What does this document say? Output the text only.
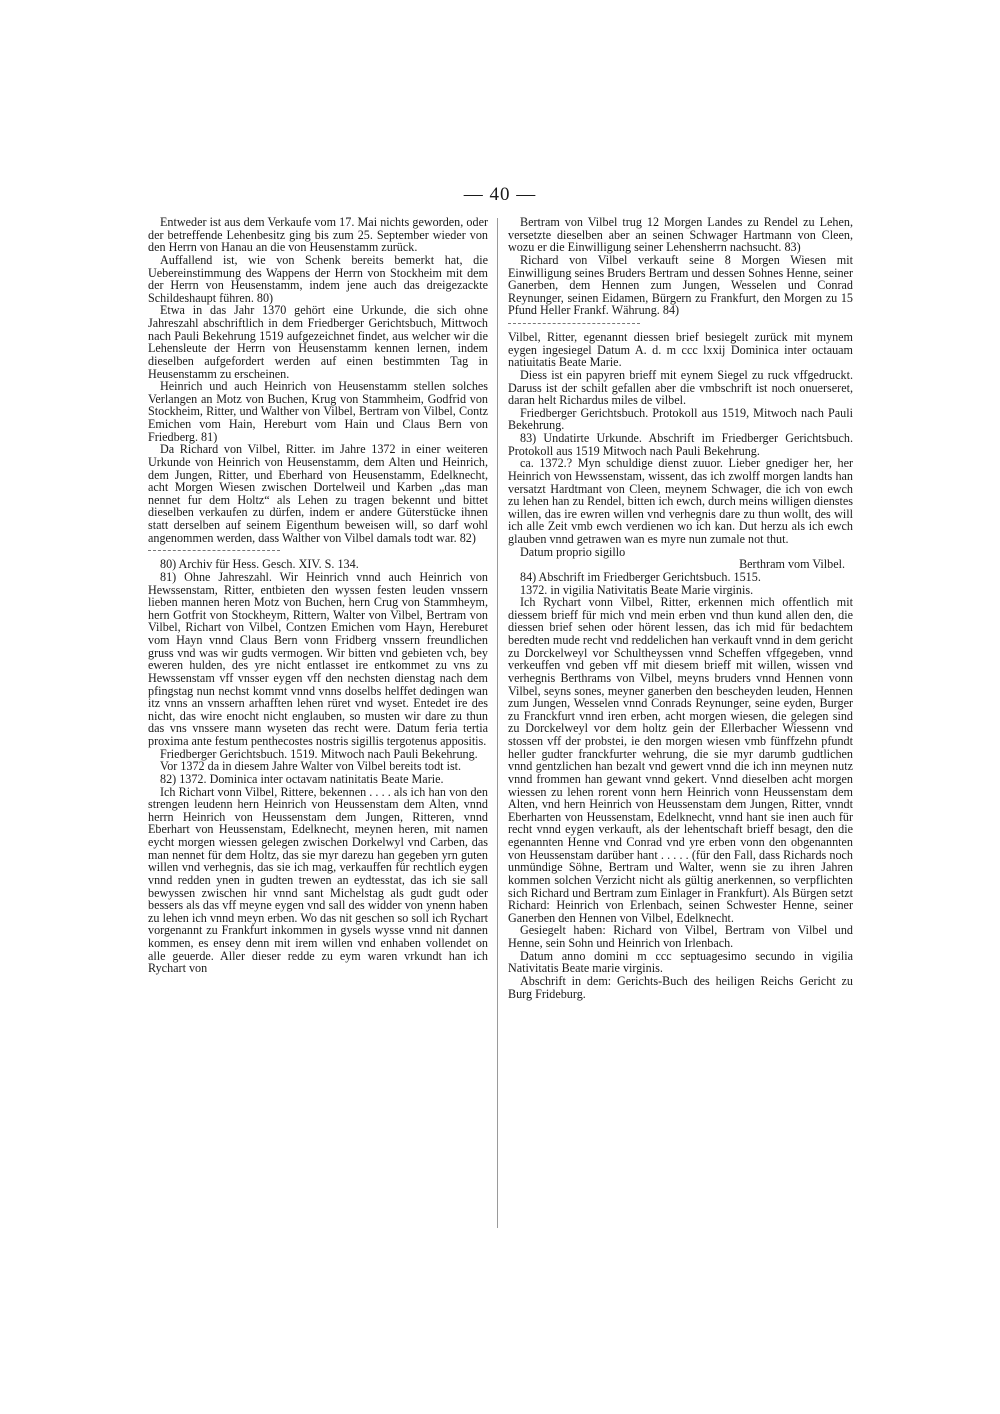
— 40 —

Entweder ist aus dem Verkaufe vom 17. Mai nichts geworden, oder der betreffende Lehenbesitz ging bis zum 25. September wieder von den Herrn von Hanau an die von Heusenstamm zurück.

Auffallend ist, wie von Schenk bereits bemerkt hat, die Uebereinstimmung des Wappens der Herrn von Stockheim mit dem der Herrn von Heusenstamm, indem jene auch das dreigezackte Schildeshaupt führen. 80)

Etwa in das Jahr 1370 gehört eine Urkunde, die sich ohne Jahreszahl abschriftlich in dem Friedberger Gerichtsbuch, Mittwoch nach Pauli Bekehrung 1519 aufgezeichnet findet, aus welcher wir die Lehensleute der Herrn von Heusenstamm kennen lernen, indem dieselben aufgefordert werden auf einen bestimmten Tag in Heusenstamm zu erscheinen.

Heinrich und auch Heinrich von Heusenstamm stellen solches Verlangen an Motz von Buchen, Krug von Stammheim, Godfrid von Stockheim, Ritter, und Walther von Vilbel, Bertram von Vilbel, Contz Emichen vom Hain, Hereburt vom Hain und Claus Bern von Friedberg. 81)

Da Richard von Vilbel, Ritter. im Jahre 1372 in einer weiteren Urkunde von Heinrich von Heusenstamm, dem Alten und Heinrich, dem Jungen, Ritter, und Eberhard von Heusenstamm, Edelknecht, acht Morgen Wiesen zwischen Dortelweil und Karben „das man nennet fur dem Holtz“ als Lehen zu tragen bekennt und bittet dieselben verkaufen zu dürfen, indem er andere Güterstücke ihnen statt derselben auf seinem Eigenthum beweisen will, so darf wohl angenommen werden, dass Walther von Vilbel damals todt war. 82)

80) Archiv für Hess. Gesch. XIV. S. 134.

81) Ohne Jahreszahl. Wir Heinrich vnnd auch Heinrich von Hewssenstam, Ritter, entbieten den wyssen festen leuden vnssern lieben mannen heren Motz von Buchen, hern Crug von Stammheym, hern Gotfrit von Stockheym, Rittern, Walter von Vilbel, Bertram von Vilbel, Richart von Vilbel, Contzen Emichen vom Hayn, Hereburet vom Hayn vnnd Claus Bern vonn Fridberg vnssern freundlichen gruss vnd was wir gudts vermogen. Wir bitten vnd gebieten vch, bey eweren hulden, des yre nicht entlasset ire entkommet zu vns zu Hewssenstam vff vnsser eygen vff den nechsten dienstag nach dem pfingstag nun nechst kommt vnnd vnns doselbs helffet dedingen wan itz vnns an vnssern arhafften lehen rüret vnd wyset. Entedet ire des nicht, das wire enocht nicht englauben, so musten wir dare zu thun das vns vnssere mann wyseten das recht were. Datum feria tertia proxima ante festum penthecostes nostris sigillis tergotenus appositis.

Friedberger Gerichtsbuch. 1519. Mitwoch nach Pauli Bekehrung.

Vor 1372 da in diesem Jahre Walter von Vilbel bereits todt ist.

82) 1372. Dominica inter octavam natinitatis Beate Marie.

Ich Richart vonn Vilbel, Rittere, bekennen . . . . als ich han von den strengen leudenn hern Heinrich von Heussenstam dem Alten, vnnd herrn Heinrich von Heussenstam dem Jungen, Ritteren, vnnd Eberhart von Heussenstam, Edelknecht, meynen heren, mit namen eycht morgen wiessen gelegen zwischen Dorkelwyl vnd Carben, das man nennet für dem Holtz, das sie myr darezu han gegeben yrn guten willen vnd verhegnis, das sie ich mag, verkauffen für rechtlich eygen vnnd redden ynen in gudten trewen an eydtesstat, das ich sie sall bewyssen zwischen hir vnnd sant Michelstag als gudt gudt oder bessers als das vff meyne eygen vnd sall des widder von ynenn haben zu lehen ich vnnd meyn erben. Wo das nit geschen so soll ich Rychart vorgenannt zu Frankfurt inkommen in gysels wysse vnnd nit dannen kommen, es ensey denn mit irem willen vnd enhaben vollendet on alle geuerde. Aller dieser redde zu eym waren vrkundt han ich Rychart von

Bertram von Vilbel trug 12 Morgen Landes zu Rendel zu Lehen, versetzte dieselben aber an seinen Schwager Hartmann von Cleen, wozu er die Einwilligung seiner Lehensherrn nachsucht. 83)

Richard von Vilbel verkauft seine 8 Morgen Wiesen mit Einwilligung seines Bruders Bertram und dessen Sohnes Henne, seiner Ganerben, dem Hennen zum Jungen, Wesselen und Conrad Reynunger, seinen Eidamen, Bürgern zu Frankfurt, den Morgen zu 15 Pfund Heller Frankf. Währung. 84)

Vilbel, Ritter, egenannt diessen brief besiegelt zurück mit mynem eygen ingesiegel Datum A. d. m ccc lxxij Dominica inter octauam natiuitatis Beate Marie.

Diess ist ein papyren brieff mit eynem Siegel zu ruck vffgedruckt. Daruss ist der schilt gefallen aber die vmbschrift ist noch onuerseret, daran helt Richardus miles de vilbel.

Friedberger Gerichtsbuch. Protokoll aus 1519, Mitwoch nach Pauli Bekehrung.

83) Undatirte Urkunde. Abschrift im Friedberger Gerichtsbuch. Protokoll aus 1519 Mitwoch nach Pauli Bekehrung.

ca. 1372.? Myn schuldige dienst zuuor. Lieber gnediger her, her Heinrich von Hewssenstam, wissent, das ich zwolff morgen landts han versatzt Hardtmant von Cleen, meynem Schwager, die ich von ewch zu lehen han zu Rendel, bitten ich ewch, durch meins willigen dienstes willen, das ire ewren willen vnd verhegnis dare zu thun wollt, des will ich alle Zeit vmb ewch verdienen wo ich kan. Dut herzu als ich ewch glauben vnnd getrawen wan es myre nun zumale not thut.

Datum proprio sigillo

Berthram vom Vilbel.

84) Abschrift im Friedberger Gerichtsbuch. 1515.

1372. in vigilia Nativitatis Beate Marie virginis.

Ich Rychart vonn Vilbel, Ritter, erkennen mich offentlich mit diessem brieff für mich vnd mein erben vnd thun kund allen den, die diessen brief sehen oder hörent lessen, das ich mid für bedachtem beredten mude recht vnd reddelichen han verkauft vnnd in dem gericht zu Dorckelweyl vor Schultheyssen vnnd Scheffen vffgegeben, vnnd verkeuffen vnd geben vff mit diesem brieff mit willen, wissen vnd verhegnis Berthrams von Vilbel, meyns bruders vnnd Hennen vonn Vilbel, seyns sones, meyner ganerben den bescheyden leuden, Hennen zum Jungen, Wesselen vnnd Conrads Reynunger, seine eyden, Burger zu Franckfurt vnnd iren erben, acht morgen wiesen, die gelegen sind zu Dorckelweyl vor dem holtz gein der Ellerbacher Wiessenn vnd stossen vff der probstei, ie den morgen wiesen vmb fünffzehn pfundt heller gudter franckfurter wehrung, die sie myr darumb gudtlichen vnnd gentzlichen han bezalt vnd gewert vnnd die ich inn meynen nutz vnnd frommen han gewant vnnd gekert. Vnnd dieselben acht morgen wiessen zu lehen rorent vonn hern Heinrich vonn Heussenstam dem Alten, vnd hern Heinrich von Heussenstam dem Jungen, Ritter, vnndt Eberharten von Heussenstam, Edelknecht, vnnd hant sie inen auch für recht vnnd eygen verkauft, als der lehentschaft brieff besagt, den die egenannten Henne vnd Conrad vnd yre erben vonn den obgenannten von Heussenstam darüber hant . . . . . (für den Fall, dass Richards noch unmündige Söhne, Bertram und Walter, wenn sie zu ihren Jahren kommen solchen Verzicht nicht als gültig anerkennen, so verpflichten sich Richard und Bertram zum Einlager in Frankfurt). Als Bürgen setzt Richard: Heinrich von Erlenbach, seinen Schwester Henne, seiner Ganerben den Hennen von Vilbel, Edelknecht.

Gesiegelt haben: Richard von Vilbel, Bertram von Vilbel und Henne, sein Sohn und Heinrich von Irlenbach.

Datum anno domini m ccc septuagesimo secundo in vigilia Nativitatis Beate marie virginis.

Abschrift in dem: Gerichts-Buch des heiligen Reichs Gericht zu Burg Frideburg.
